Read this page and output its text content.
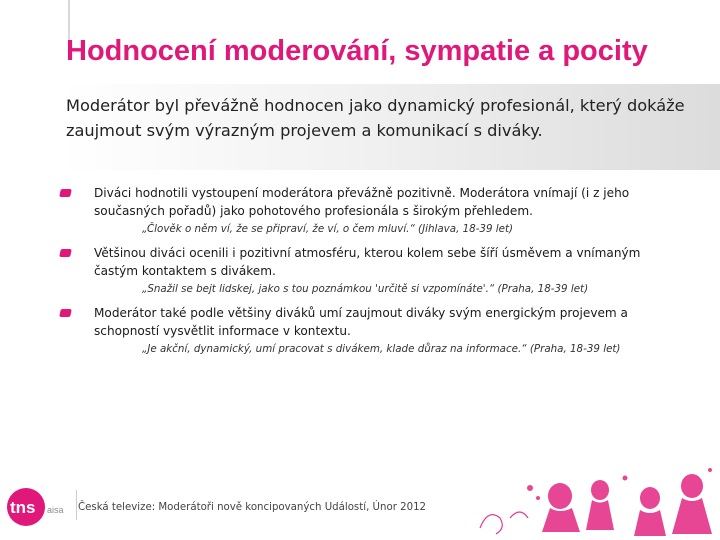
Hodnocení moderování, sympatie a pocity

Moderátor byl převážně hodnocen jako dynamický profesionál, který dokáže zaujmout svým výrazným projevem a komunikací s diváky.

Diváci hodnotili vystoupení moderátora převážně pozitivně. Moderátora vnímají (i z jeho současných pořadů) jako pohotového profesionála s širokým přehledem.
„Člověk o něm ví, že se připraví, že ví, o čem mluví.“ (Jihlava, 18-39 let)
Většinou diváci ocenili i pozitivní atmosféru, kterou kolem sebe šíří úsměvem a vnímaným častým kontaktem s divákem.
„Snažil se bejt lidskej, jako s tou poznámkou 'určitě si vzpomínáte'.“ (Praha, 18-39 let)
Moderátor také podle většiny diváků umí zaujmout diváky svým energickým projevem a schopností vysvětlit informace v kontextu.
„Je akční, dynamický, umí pracovat s divákem, klade důraz na informace.“ (Praha, 18-39 let)
tns aisa Česká televize: Moderátoři nově koncipovaných Událostí, Únor 2012
